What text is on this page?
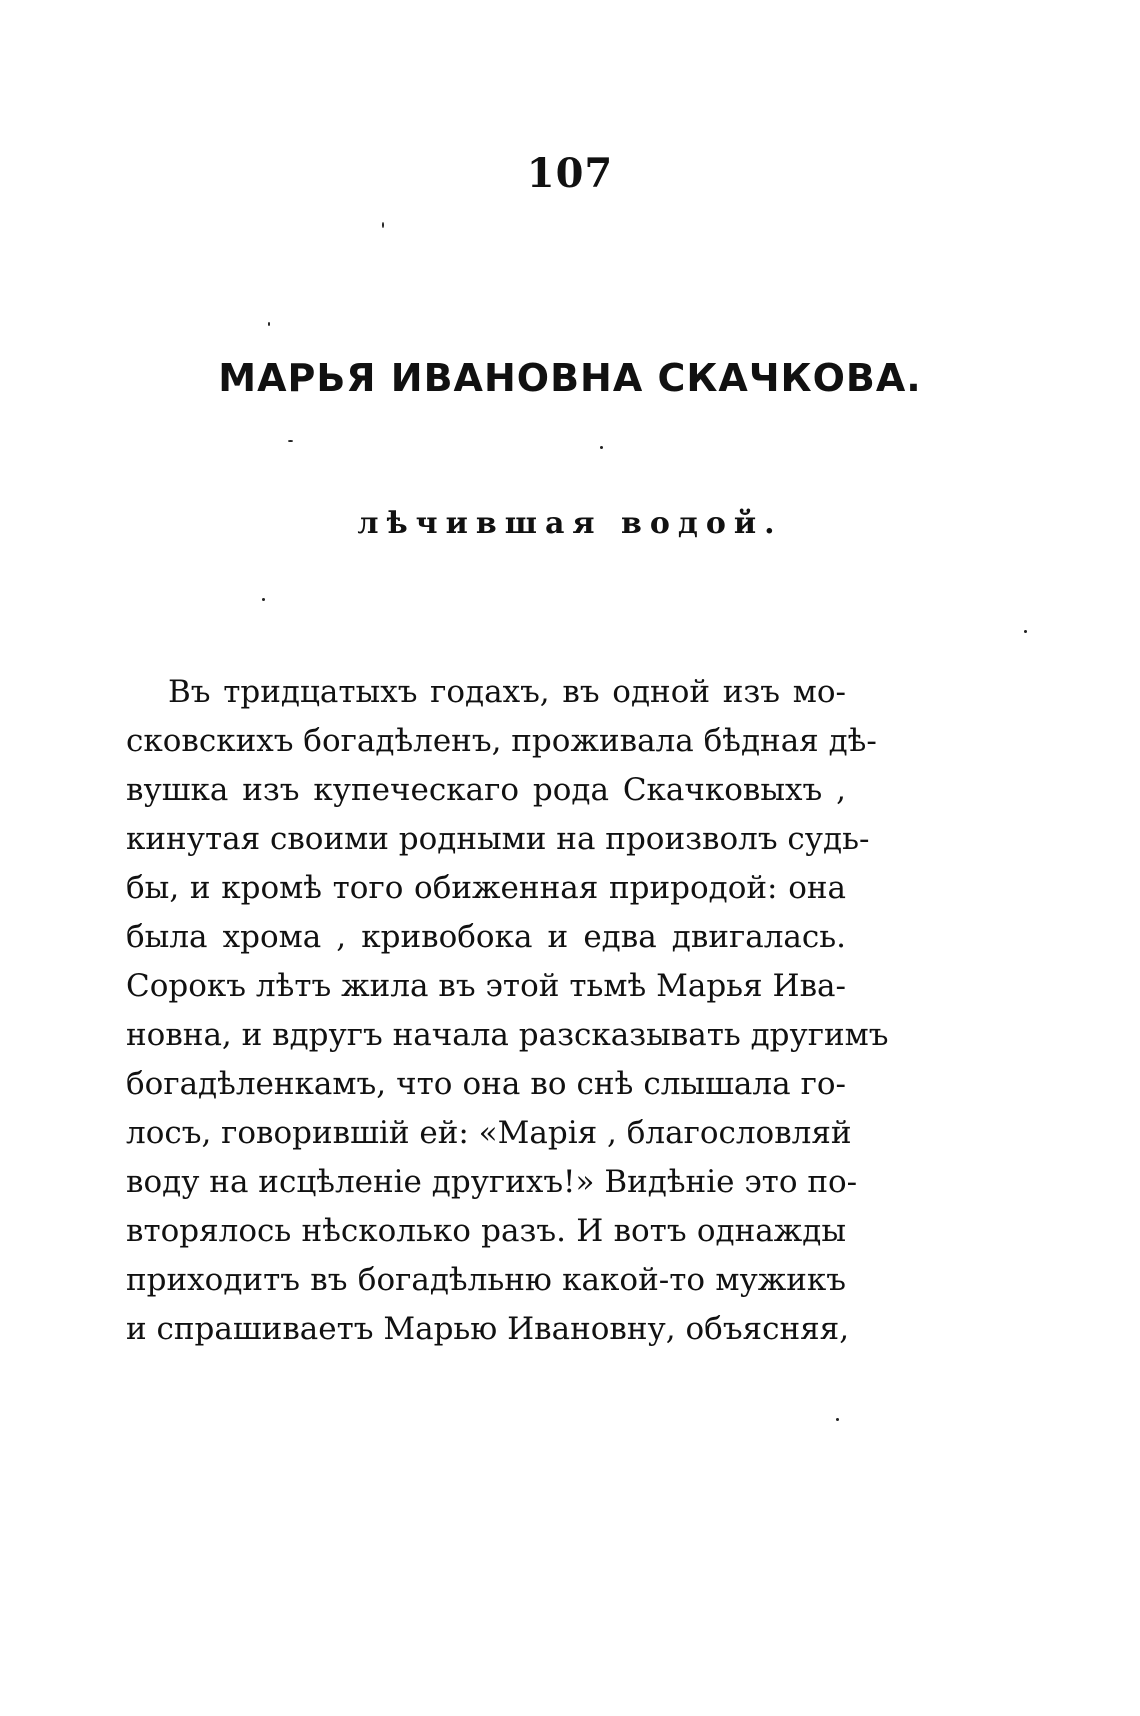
107
МАРЬЯ ИВАНОВНА СКАЧКОВА.
лѣчившая водой.
Въ тридцатыхъ годахъ, въ одной изъ мо-
сковскихъ богадѣленъ, проживала бѣдная дѣ-
вушка изъ купеческаго рода Скачковыхъ ,
кинутая своими родными на произволъ судь-
бы, и кромѣ того обиженная природой: она
была хрома , кривобока и едва двигалась.
Сорокъ лѣтъ жила въ этой тьмѣ Марья Ива-
новна, и вдругъ начала разсказывать другимъ
богадѣленкамъ, что она во снѣ слышала го-
лосъ, говорившій ей: «Марія , благословляй
воду на исцѣленіе другихъ!» Видѣніе это по-
вторялось нѣсколько разъ. И вотъ однажды
приходитъ въ богадѣльню какой-то мужикъ
и спрашиваетъ Марью Ивановну, объясняя,
